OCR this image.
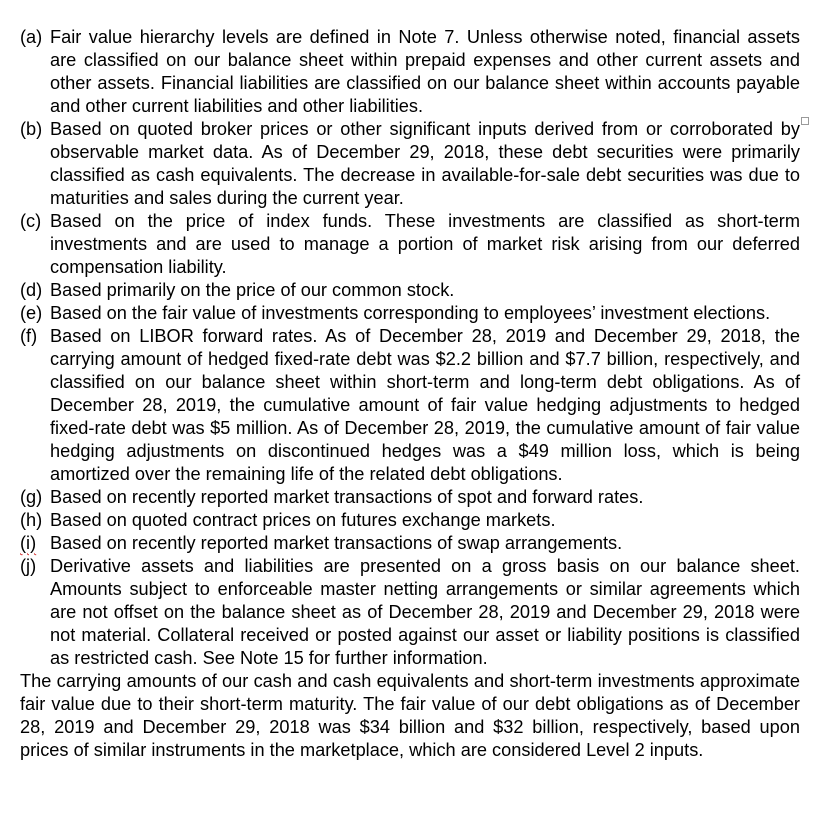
(a) Fair value hierarchy levels are defined in Note 7. Unless otherwise noted, financial assets are classified on our balance sheet within prepaid expenses and other current assets and other assets. Financial liabilities are classified on our balance sheet within accounts payable and other current liabilities and other liabilities.
(b) Based on quoted broker prices or other significant inputs derived from or corroborated by observable market data. As of December 29, 2018, these debt securities were primarily classified as cash equivalents. The decrease in available-for-sale debt securities was due to maturities and sales during the current year.
(c) Based on the price of index funds. These investments are classified as short-term investments and are used to manage a portion of market risk arising from our deferred compensation liability.
(d) Based primarily on the price of our common stock.
(e) Based on the fair value of investments corresponding to employees’ investment elections.
(f) Based on LIBOR forward rates. As of December 28, 2019 and December 29, 2018, the carrying amount of hedged fixed-rate debt was $2.2 billion and $7.7 billion, respectively, and classified on our balance sheet within short-term and long-term debt obligations. As of December 28, 2019, the cumulative amount of fair value hedging adjustments to hedged fixed-rate debt was $5 million. As of December 28, 2019, the cumulative amount of fair value hedging adjustments on discontinued hedges was a $49 million loss, which is being amortized over the remaining life of the related debt obligations.
(g) Based on recently reported market transactions of spot and forward rates.
(h) Based on quoted contract prices on futures exchange markets.
(i) Based on recently reported market transactions of swap arrangements.
(j) Derivative assets and liabilities are presented on a gross basis on our balance sheet. Amounts subject to enforceable master netting arrangements or similar agreements which are not offset on the balance sheet as of December 28, 2019 and December 29, 2018 were not material. Collateral received or posted against our asset or liability positions is classified as restricted cash. See Note 15 for further information.
The carrying amounts of our cash and cash equivalents and short-term investments approximate fair value due to their short-term maturity. The fair value of our debt obligations as of December 28, 2019 and December 29, 2018 was $34 billion and $32 billion, respectively, based upon prices of similar instruments in the marketplace, which are considered Level 2 inputs.
